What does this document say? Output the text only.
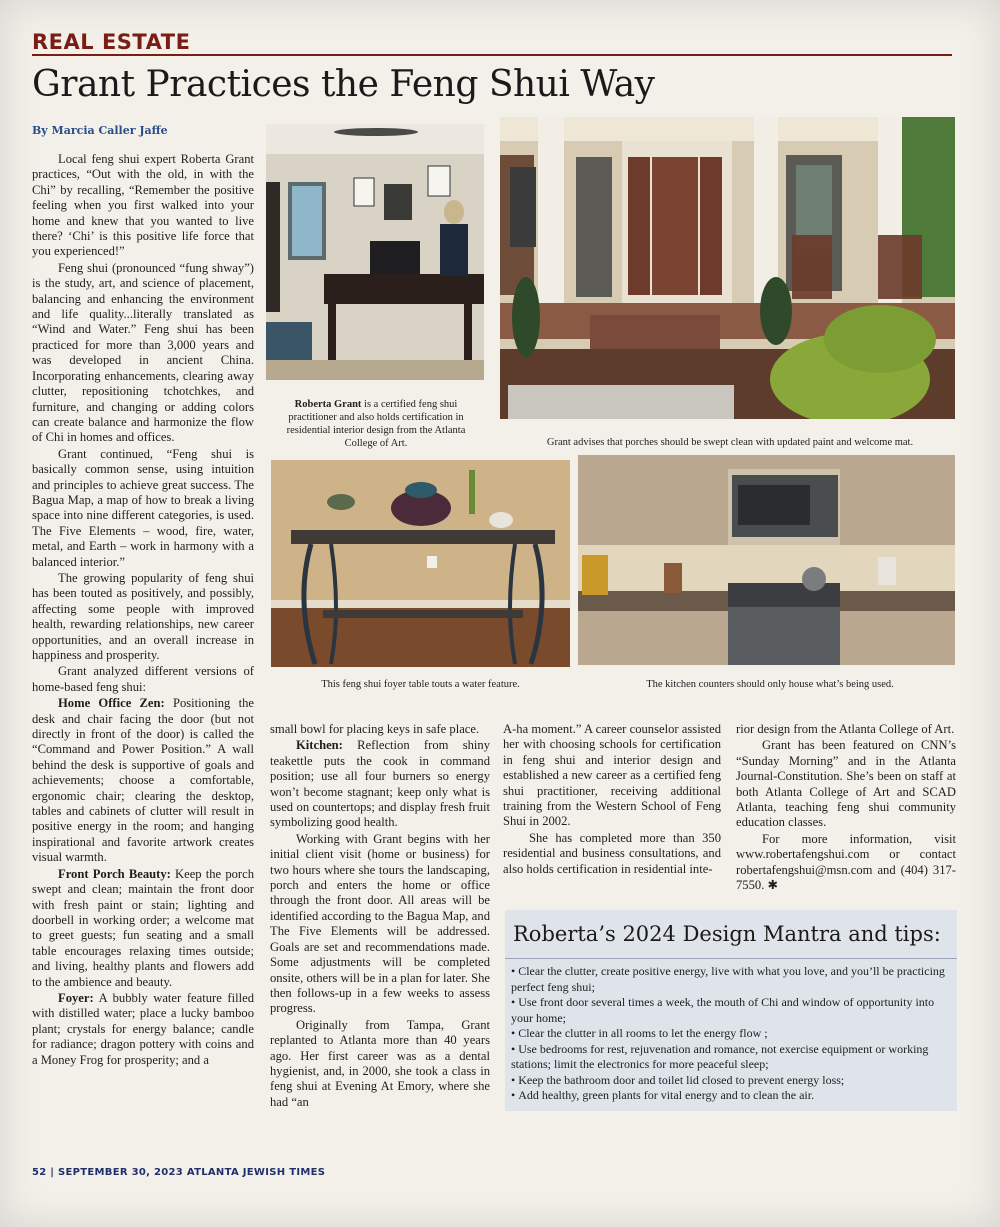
REAL ESTATE
Grant Practices the Feng Shui Way
By Marcia Caller Jaffe

Local feng shui expert Roberta Grant practices, “Out with the old, in with the Chi” by recalling, “Remember the positive feeling when you first walked into your home and knew that you wanted to live there? ‘Chi’ is this positive life force that you experienced!”

Feng shui (pronounced “fung shway”) is the study, art, and science of placement, balancing and enhancing the environment and life quality...literally translated as “Wind and Water.” Feng shui has been practiced for more than 3,000 years and was developed in ancient China. Incorporating enhancements, clearing away clutter, repositioning tchotchkes, and furniture, and changing or adding colors can create balance and harmonize the flow of Chi in homes and offices.

Grant continued, “Feng shui is basically common sense, using intuition and principles to achieve great success. The Bagua Map, a map of how to break a living space into nine different categories, is used. The Five Elements – wood, fire, water, metal, and Earth – work in harmony with a balanced interior.”

The growing popularity of feng shui has been touted as positively, and possibly, affecting some people with improved health, rewarding relationships, new career opportunities, and an overall increase in happiness and prosperity.

Grant analyzed different versions of home-based feng shui:

Home Office Zen: Positioning the desk and chair facing the door (but not directly in front of the door) is called the “Command and Power Position.” A wall behind the desk is supportive of goals and achievements; choose a comfortable, ergonomic chair; clearing the desktop, tables and cabinets of clutter will result in positive energy in the room; and hanging inspirational and favorite artwork creates visual warmth.

Front Porch Beauty: Keep the porch swept and clean; maintain the front door with fresh paint or stain; lighting and doorbell in working order; a welcome mat to greet guests; fun seating and a small table encourages relaxing times outside; and living, healthy plants and flowers add to the ambience and beauty.

Foyer: A bubbly water feature filled with distilled water; place a lucky bamboo plant; crystals for energy balance; candle for radiance; dragon pottery with coins and a Money Frog for prosperity; and a

small bowl for placing keys in safe place.

Kitchen: Reflection from shiny teakettle puts the cook in command position; use all four burners so energy won’t become stagnant; keep only what is used on countertops; and display fresh fruit symbolizing good health.

Working with Grant begins with her initial client visit (home or business) for two hours where she tours the landscaping, porch and enters the home or office through the front door. All areas will be identified according to the Bagua Map, and The Five Elements will be addressed. Goals are set and recommendations made. Some adjustments will be completed onsite, others will be in a plan for later. She then follows-up in a few weeks to assess progress.

Originally from Tampa, Grant replanted to Atlanta more than 40 years ago. Her first career was as a dental hygienist, and, in 2000, she took a class in feng shui at Evening At Emory, where she had “an

A-ha moment.” A career counselor assisted her with choosing schools for certification in feng shui and interior design and established a new career as a certified feng shui practitioner, receiving additional training from the Western School of Feng Shui in 2002.

She has completed more than 350 residential and business consultations, and also holds certification in residential inte-

rior design from the Atlanta College of Art.

Grant has been featured on CNN’s “Sunday Morning” and in the Atlanta Journal-Constitution. She’s been on staff at both Atlanta College of Art and SCAD Atlanta, teaching feng shui community education classes.

For more information, visit www.robertafengshui.com or contact robertafengshui@msn.com and (404) 317-7550. ✱

Roberta Grant is a certified feng shui practitioner and also holds certification in residential interior design from the Atlanta College of Art.	Grant advises that porches should be swept clean with updated paint and welcome mat.
This feng shui foyer table touts a water feature.	The kitchen counters should only house what’s being used.
Roberta’s 2024 Design Mantra and tips:
• Clear the clutter, create positive energy, live with what you love, and you’ll be practicing perfect feng shui;
• Use front door several times a week, the mouth of Chi and window of opportunity into your home;
• Clear the clutter in all rooms to let the energy flow ;
• Use bedrooms for rest, rejuvenation and romance, not exercise equipment or working stations; limit the electronics for more peaceful sleep;
• Keep the bathroom door and toilet lid closed to prevent energy loss;
• Add healthy, green plants for vital energy and to clean the air.
52 | SEPTEMBER 30, 2023 ATLANTA JEWISH TIMES
